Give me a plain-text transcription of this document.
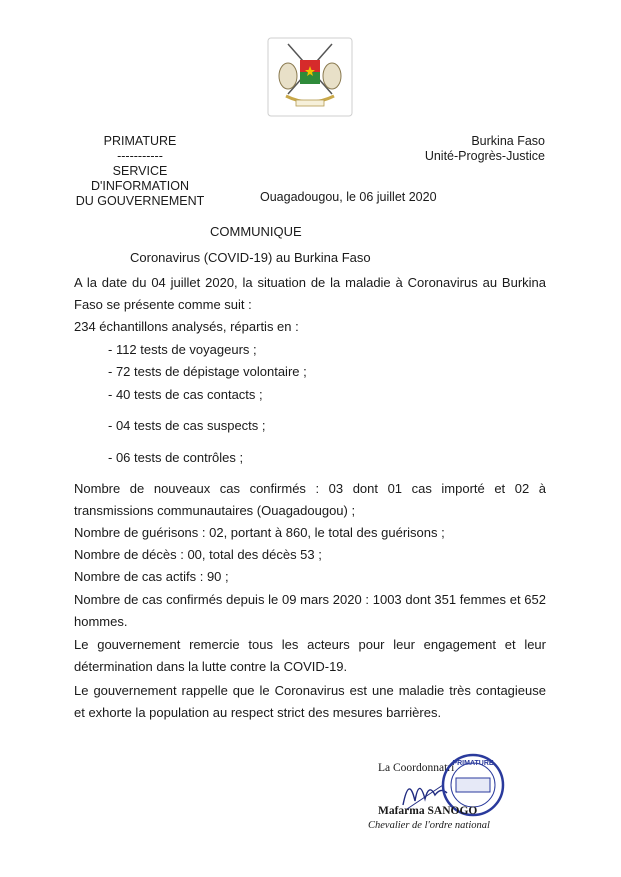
PRIMATURE
-----------
SERVICE D'INFORMATION
DU GOUVERNEMENT
Burkina Faso
Unité-Progrès-Justice
Ouagadougou, le 06 juillet 2020
COMMUNIQUE
Coronavirus (COVID-19) au Burkina Faso
A la date du 04 juillet 2020, la situation de la maladie à Coronavirus au Burkina Faso se présente comme suit :
234 échantillons analysés, répartis en :
- 112 tests de voyageurs ;
- 72 tests de dépistage volontaire ;
- 40 tests de cas contacts ;
- 04 tests de cas suspects ;
- 06 tests de contrôles ;
Nombre de nouveaux cas confirmés : 03 dont 01 cas importé et 02 à transmissions communautaires (Ouagadougou) ;
Nombre de guérisons : 02, portant à 860, le total des guérisons ;
Nombre de décès : 00, total des décès 53 ;
Nombre de cas actifs : 90 ;
Nombre de cas confirmés depuis le 09 mars 2020 : 1003 dont 351 femmes et 652 hommes.
Le gouvernement remercie tous les acteurs pour leur engagement et leur détermination dans la lutte contre la COVID-19.
Le gouvernement rappelle que le Coronavirus est une maladie très contagieuse et exhorte la population au respect strict des mesures barrières.
La Coordonnatri
PRIMATURE
Mafarma SANOGO
Chevalier de l'ordre national
